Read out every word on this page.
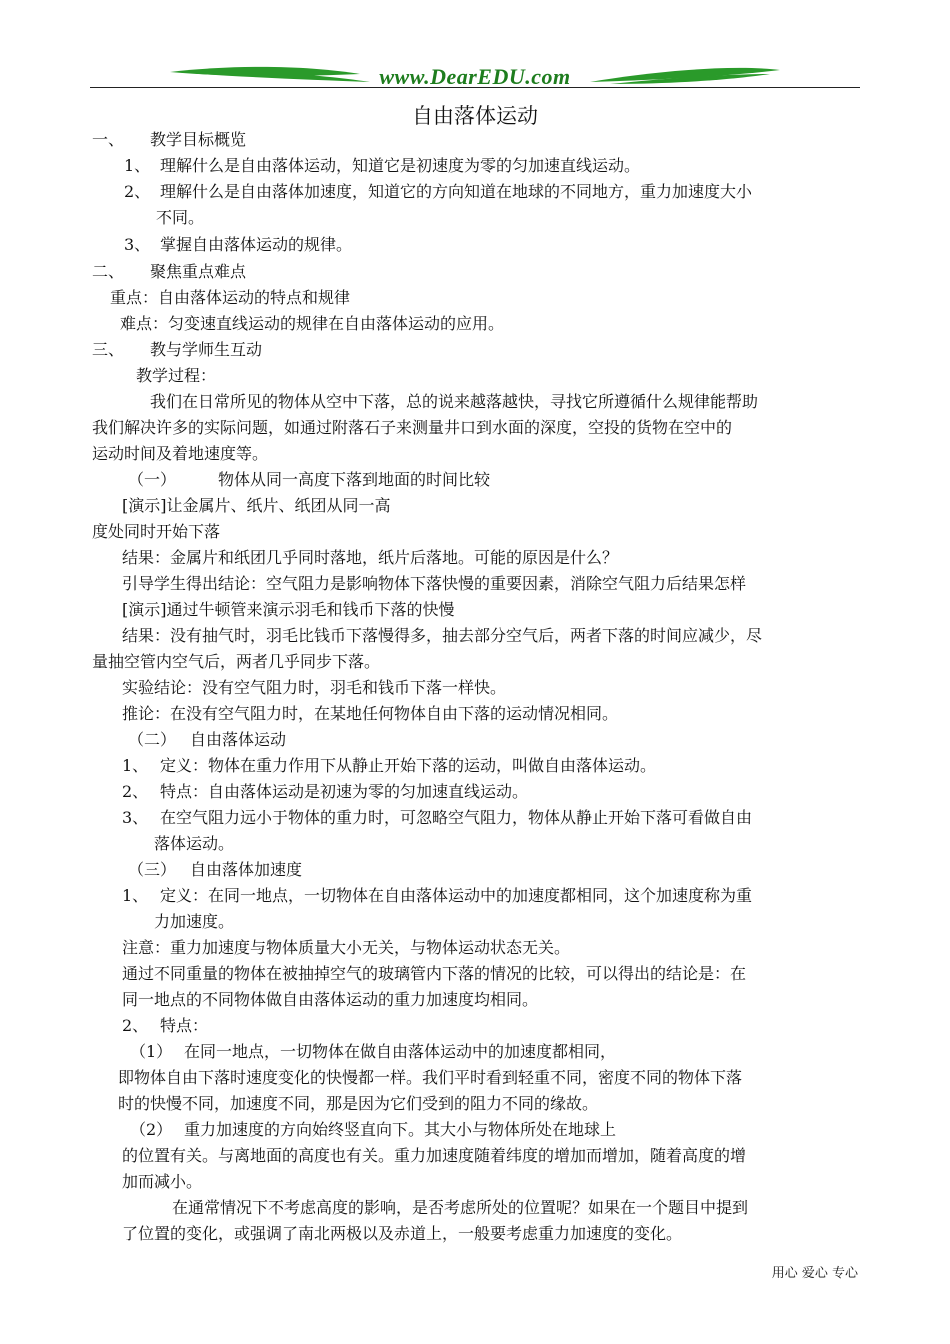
www.DearEDU.com
自由落体运动
一、 教学目标概览
1、 理解什么是自由落体运动，知道它是初速度为零的匀加速直线运动。
2、 理解什么是自由落体加速度，知道它的方向知道在地球的不同地方，重力加速度大小
不同。
3、 掌握自由落体运动的规律。
二、 聚焦重点难点
重点：自由落体运动的特点和规律
难点：匀变速直线运动的规律在自由落体运动的应用。
三、 教与学师生互动
教学过程：
我们在日常所见的物体从空中下落，总的说来越落越快，寻找它所遵循什么规律能帮助
我们解决许多的实际问题，如通过附落石子来测量井口到水面的深度，空投的货物在空中的
运动时间及着地速度等。
（一）	物体从同一高度下落到地面的时间比较
[演示]让金属片、纸片、纸团从同一高
度处同时开始下落
结果：金属片和纸团几乎同时落地，纸片后落地。可能的原因是什么？
引导学生得出结论：空气阻力是影响物体下落快慢的重要因素，消除空气阻力后结果怎样
[演示]通过牛顿管来演示羽毛和钱币下落的快慢
结果：没有抽气时，羽毛比钱币下落慢得多，抽去部分空气后，两者下落的时间应减少，尽
量抽空管内空气后，两者几乎同步下落。
实验结论：没有空气阻力时，羽毛和钱币下落一样快。
推论：在没有空气阻力时，在某地任何物体自由下落的运动情况相同。
（二） 自由落体运动
1、 定义：物体在重力作用下从静止开始下落的运动，叫做自由落体运动。
2、 特点：自由落体运动是初速为零的匀加速直线运动。
3、 在空气阻力远小于物体的重力时，可忽略空气阻力，物体从静止开始下落可看做自由
落体运动。
（三） 自由落体加速度
1、 定义：在同一地点，一切物体在自由落体运动中的加速度都相同，这个加速度称为重
力加速度。
注意：重力加速度与物体质量大小无关，与物体运动状态无关。
通过不同重量的物体在被抽掉空气的玻璃管内下落的情况的比较，可以得出的结论是：在
同一地点的不同物体做自由落体运动的重力加速度均相同。
2、 特点：
（1） 在同一地点，一切物体在做自由落体运动中的加速度都相同，
即物体自由下落时速度变化的快慢都一样。我们平时看到轻重不同，密度不同的物体下落
时的快慢不同，加速度不同，那是因为它们受到的阻力不同的缘故。
（2） 重力加速度的方向始终竖直向下。其大小与物体所处在地球上
的位置有关。与离地面的高度也有关。重力加速度随着纬度的增加而增加，随着高度的增
加而减小。
在通常情况下不考虑高度的影响，是否考虑所处的位置呢？如果在一个题目中提到
了位置的变化，或强调了南北两极以及赤道上，一般要考虑重力加速度的变化。
用心 爱心 专心
